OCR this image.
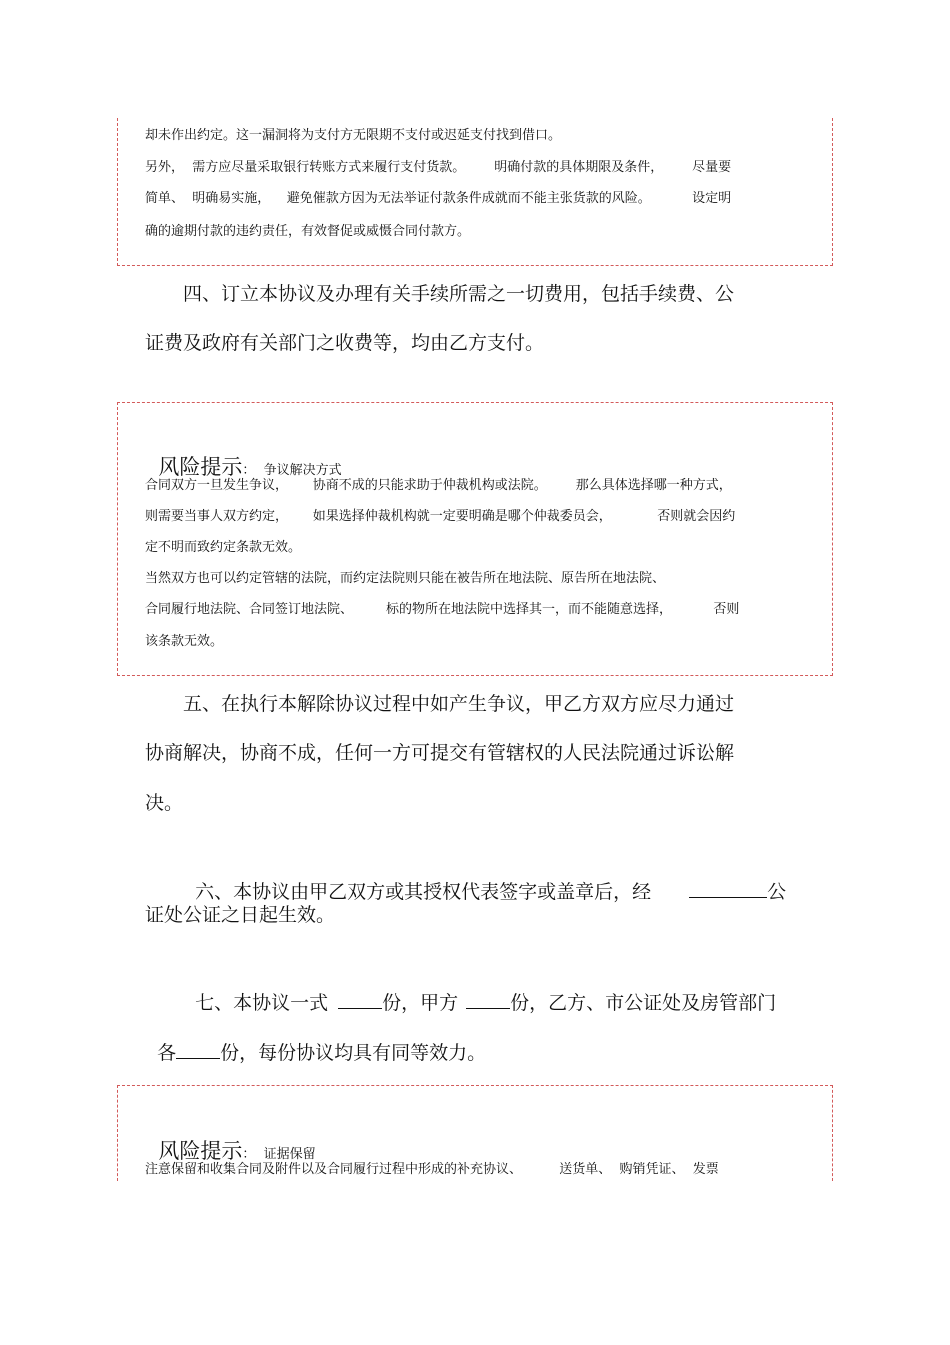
却未作出约定。这一漏洞将为支付方无限期不支付或迟延支付找到借口。
另外，  需方应尽量采取银行转账方式来履行支付货款。       明确付款的具体期限及条件，       尽量要
简单、  明确易实施，    避免催款方因为无法举证付款条件成就而不能主张货款的风险。          设定明
确的逾期付款的违约责任，有效督促或威慑合同付款方。
四、订立本协议及办理有关手续所需之一切费用，包括手续费、公
证费及政府有关部门之收费等，均由乙方支付。

风险提示：  争议解决方式

合同双方一旦发生争议，      协商不成的只能求助于仲裁机构或法院。       那么具体选择哪一种方式，
则需要当事人双方约定，      如果选择仲裁机构就一定要明确是哪个仲裁委员会，           否则就会因约
定不明而致约定条款无效。
当然双方也可以约定管辖的法院，而约定法院则只能在被告所在地法院、原告所在地法院、
合同履行地法院、合同签订地法院、        标的物所在地法院中选择其一，而不能随意选择，          否则
该条款无效。
五、在执行本解除协议过程中如产生争议，甲乙方双方应尽力通过
协商解决，协商不成，任何一方可提交有管辖权的人民法院通过诉讼解
决。

六、本协议由甲乙双方或其授权代表签字或盖章后，经	公

证处公证之日起生效。

七、本协议一式	份，甲方	份，乙方、市公证处及房管部门

各 份，每份协议均具有同等效力。

风险提示：  证据保留

注意保留和收集合同及附件以及合同履行过程中形成的补充协议、         送货单、  购销凭证、  发票
